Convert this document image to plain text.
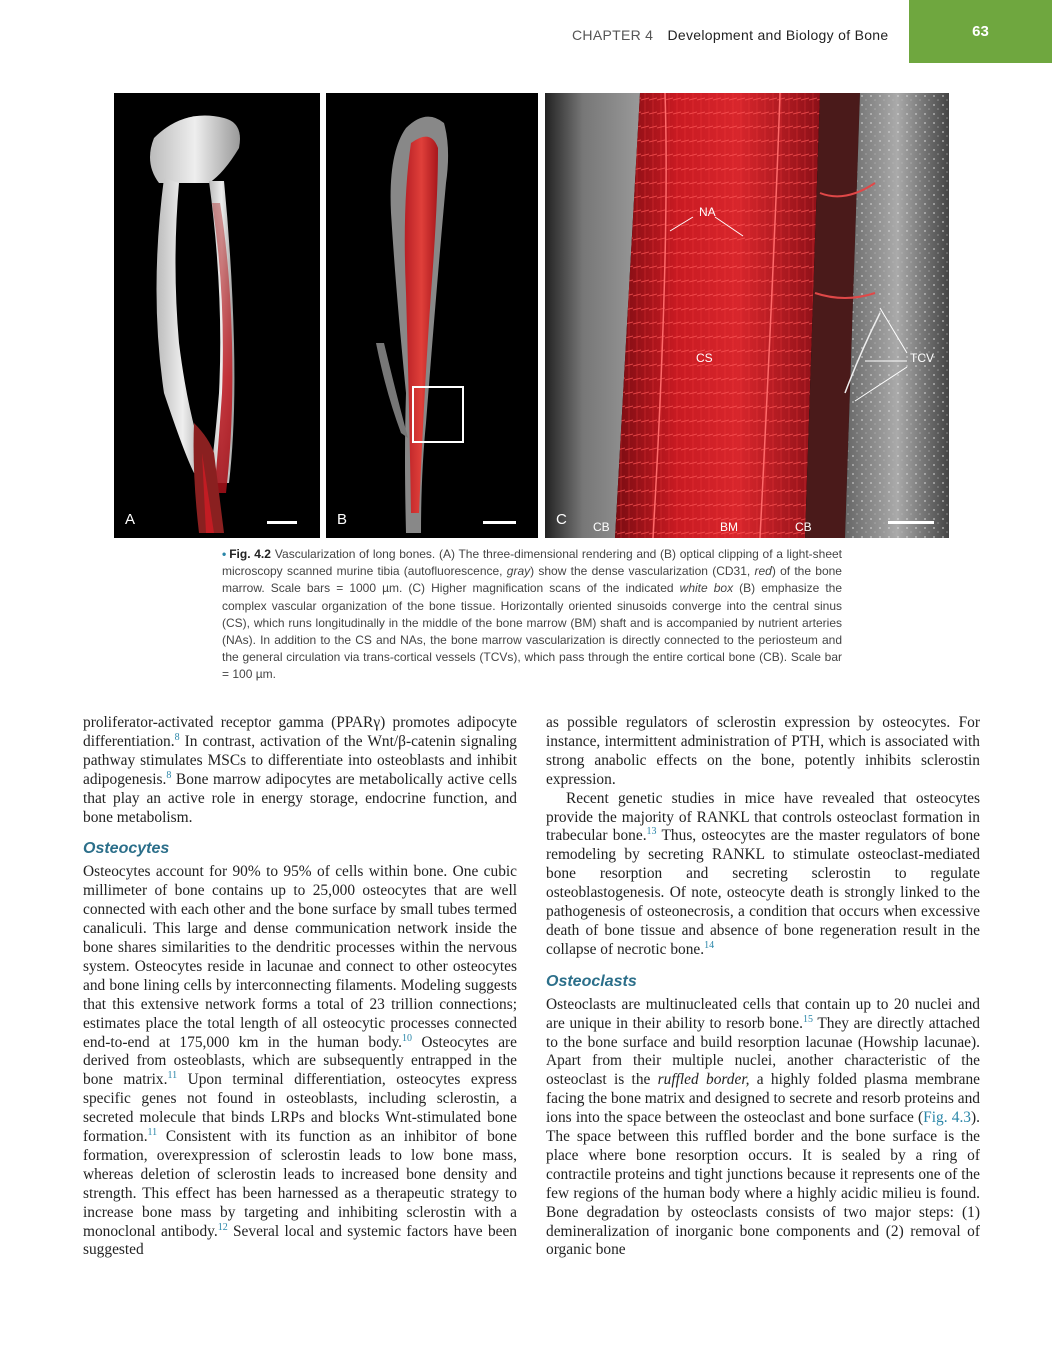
CHAPTER 4 Development and Biology of Bone	63
A	B	C
NA
CS	TCV
CB	BM	CB
• Fig. 4.2 Vascularization of long bones. (A) The three-dimensional rendering and (B) optical clipping of a light-sheet microscopy scanned murine tibia (autofluorescence, gray) show the dense vascularization (CD31, red) of the bone marrow. Scale bars = 1000 µm. (C) Higher magnification scans of the indicated white box (B) emphasize the complex vascular organization of the bone tissue. Horizontally oriented sinusoids converge into the central sinus (CS), which runs longitudinally in the middle of the bone marrow (BM) shaft and is accompanied by nutrient arteries (NAs). In addition to the CS and NAs, the bone marrow vascularization is directly connected to the periosteum and the general circulation via trans-cortical vessels (TCVs), which pass through the entire cortical bone (CB). Scale bar = 100 µm.

proliferator-activated receptor gamma (PPARγ) promotes adipocyte differentiation.$^8$ In contrast, activation of the Wnt/β-catenin signaling pathway stimulates MSCs to differentiate into osteoblasts and inhibit adipogenesis.$^8$ Bone marrow adipocytes are metabolically active cells that play an active role in energy storage, endocrine function, and bone metabolism.

Osteocytes

Osteocytes account for 90% to 95% of cells within bone. One cubic millimeter of bone contains up to 25,000 osteocytes that are well connected with each other and the bone surface by small tubes termed canaliculi. This large and dense communication network inside the bone shares similarities to the dendritic processes within the nervous system. Osteocytes reside in lacunae and connect to other osteocytes and bone lining cells by interconnecting filaments. Modeling suggests that this extensive network forms a total of 23 trillion connections; estimates place the total length of all osteocytic processes connected end-to-end at 175,000 km in the human body.$^{10}$ Osteocytes are derived from osteoblasts, which are subsequently entrapped in the bone matrix.$^{11}$ Upon terminal differentiation, osteocytes express specific genes not found in osteoblasts, including sclerostin, a secreted molecule that binds LRPs and blocks Wnt-stimulated bone formation.$^{11}$ Consistent with its function as an inhibitor of bone formation, overexpression of sclerostin leads to low bone mass, whereas deletion of sclerostin leads to increased bone density and strength. This effect has been harnessed as a therapeutic strategy to increase bone mass by targeting and inhibiting sclerostin with a monoclonal antibody.$^{12}$ Several local and systemic factors have been suggested

as possible regulators of sclerostin expression by osteocytes. For instance, intermittent administration of PTH, which is associated with strong anabolic effects on the bone, potently inhibits sclerostin expression.

Recent genetic studies in mice have revealed that osteocytes provide the majority of RANKL that controls osteoclast formation in trabecular bone.$^{13}$ Thus, osteocytes are the master regulators of bone remodeling by secreting RANKL to stimulate osteoclast-mediated bone resorption and secreting sclerostin to regulate osteoblastogenesis. Of note, osteocyte death is strongly linked to the pathogenesis of osteonecrosis, a condition that occurs when excessive death of bone tissue and absence of bone regeneration result in the collapse of necrotic bone.$^{14}$

Osteoclasts

Osteoclasts are multinucleated cells that contain up to 20 nuclei and are unique in their ability to resorb bone.$^{15}$ They are directly attached to the bone surface and build resorption lacunae (Howship lacunae). Apart from their multiple nuclei, another characteristic of the osteoclast is the ruffled border, a highly folded plasma membrane facing the bone matrix and designed to secrete and resorb proteins and ions into the space between the osteoclast and bone surface (Fig. 4.3). The space between this ruffled border and the bone surface is the place where bone resorption occurs. It is sealed by a ring of contractile proteins and tight junctions because it represents one of the few regions of the human body where a highly acidic milieu is found. Bone degradation by osteoclasts consists of two major steps: (1) demineralization of inorganic bone components and (2) removal of organic bone
